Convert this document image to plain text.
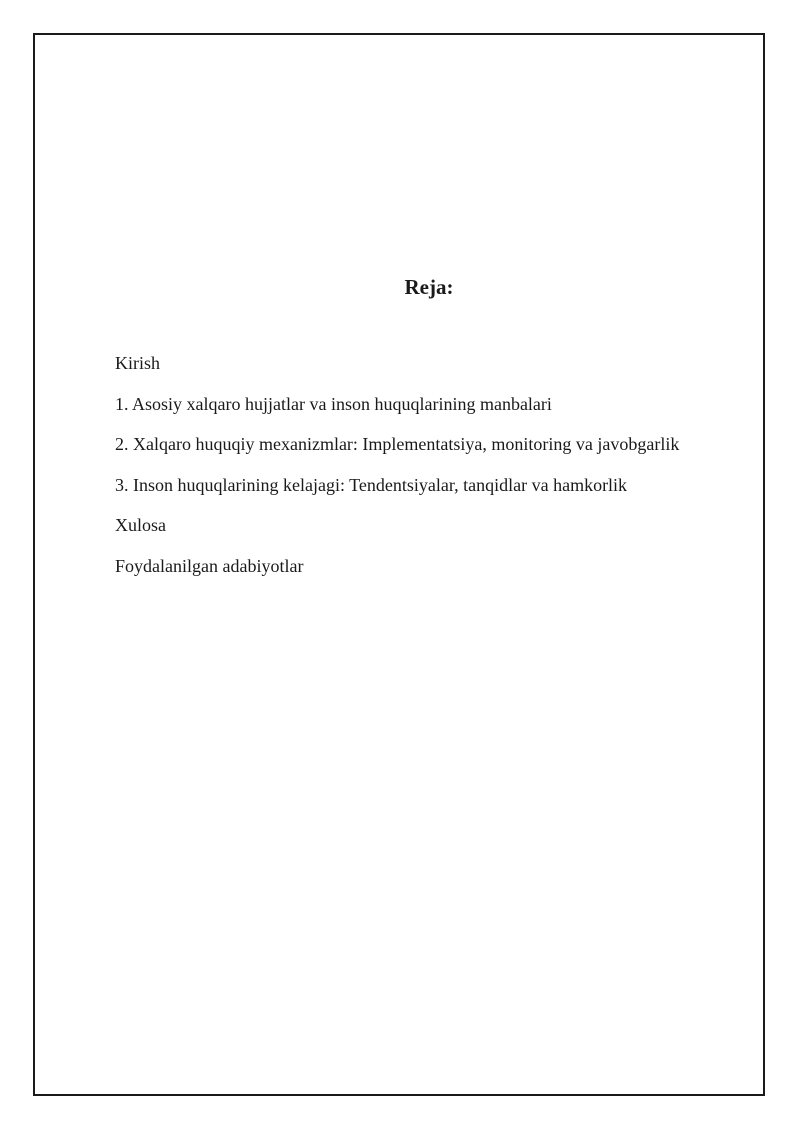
Reja:
Kirish
1. Asosiy xalqaro hujjatlar va inson huquqlarining manbalari
2. Xalqaro huquqiy mexanizmlar: Implementatsiya, monitoring va javobgarlik
3. Inson huquqlarining kelajagi: Tendentsiyalar, tanqidlar va hamkorlik
Xulosa
Foydalanilgan adabiyotlar
